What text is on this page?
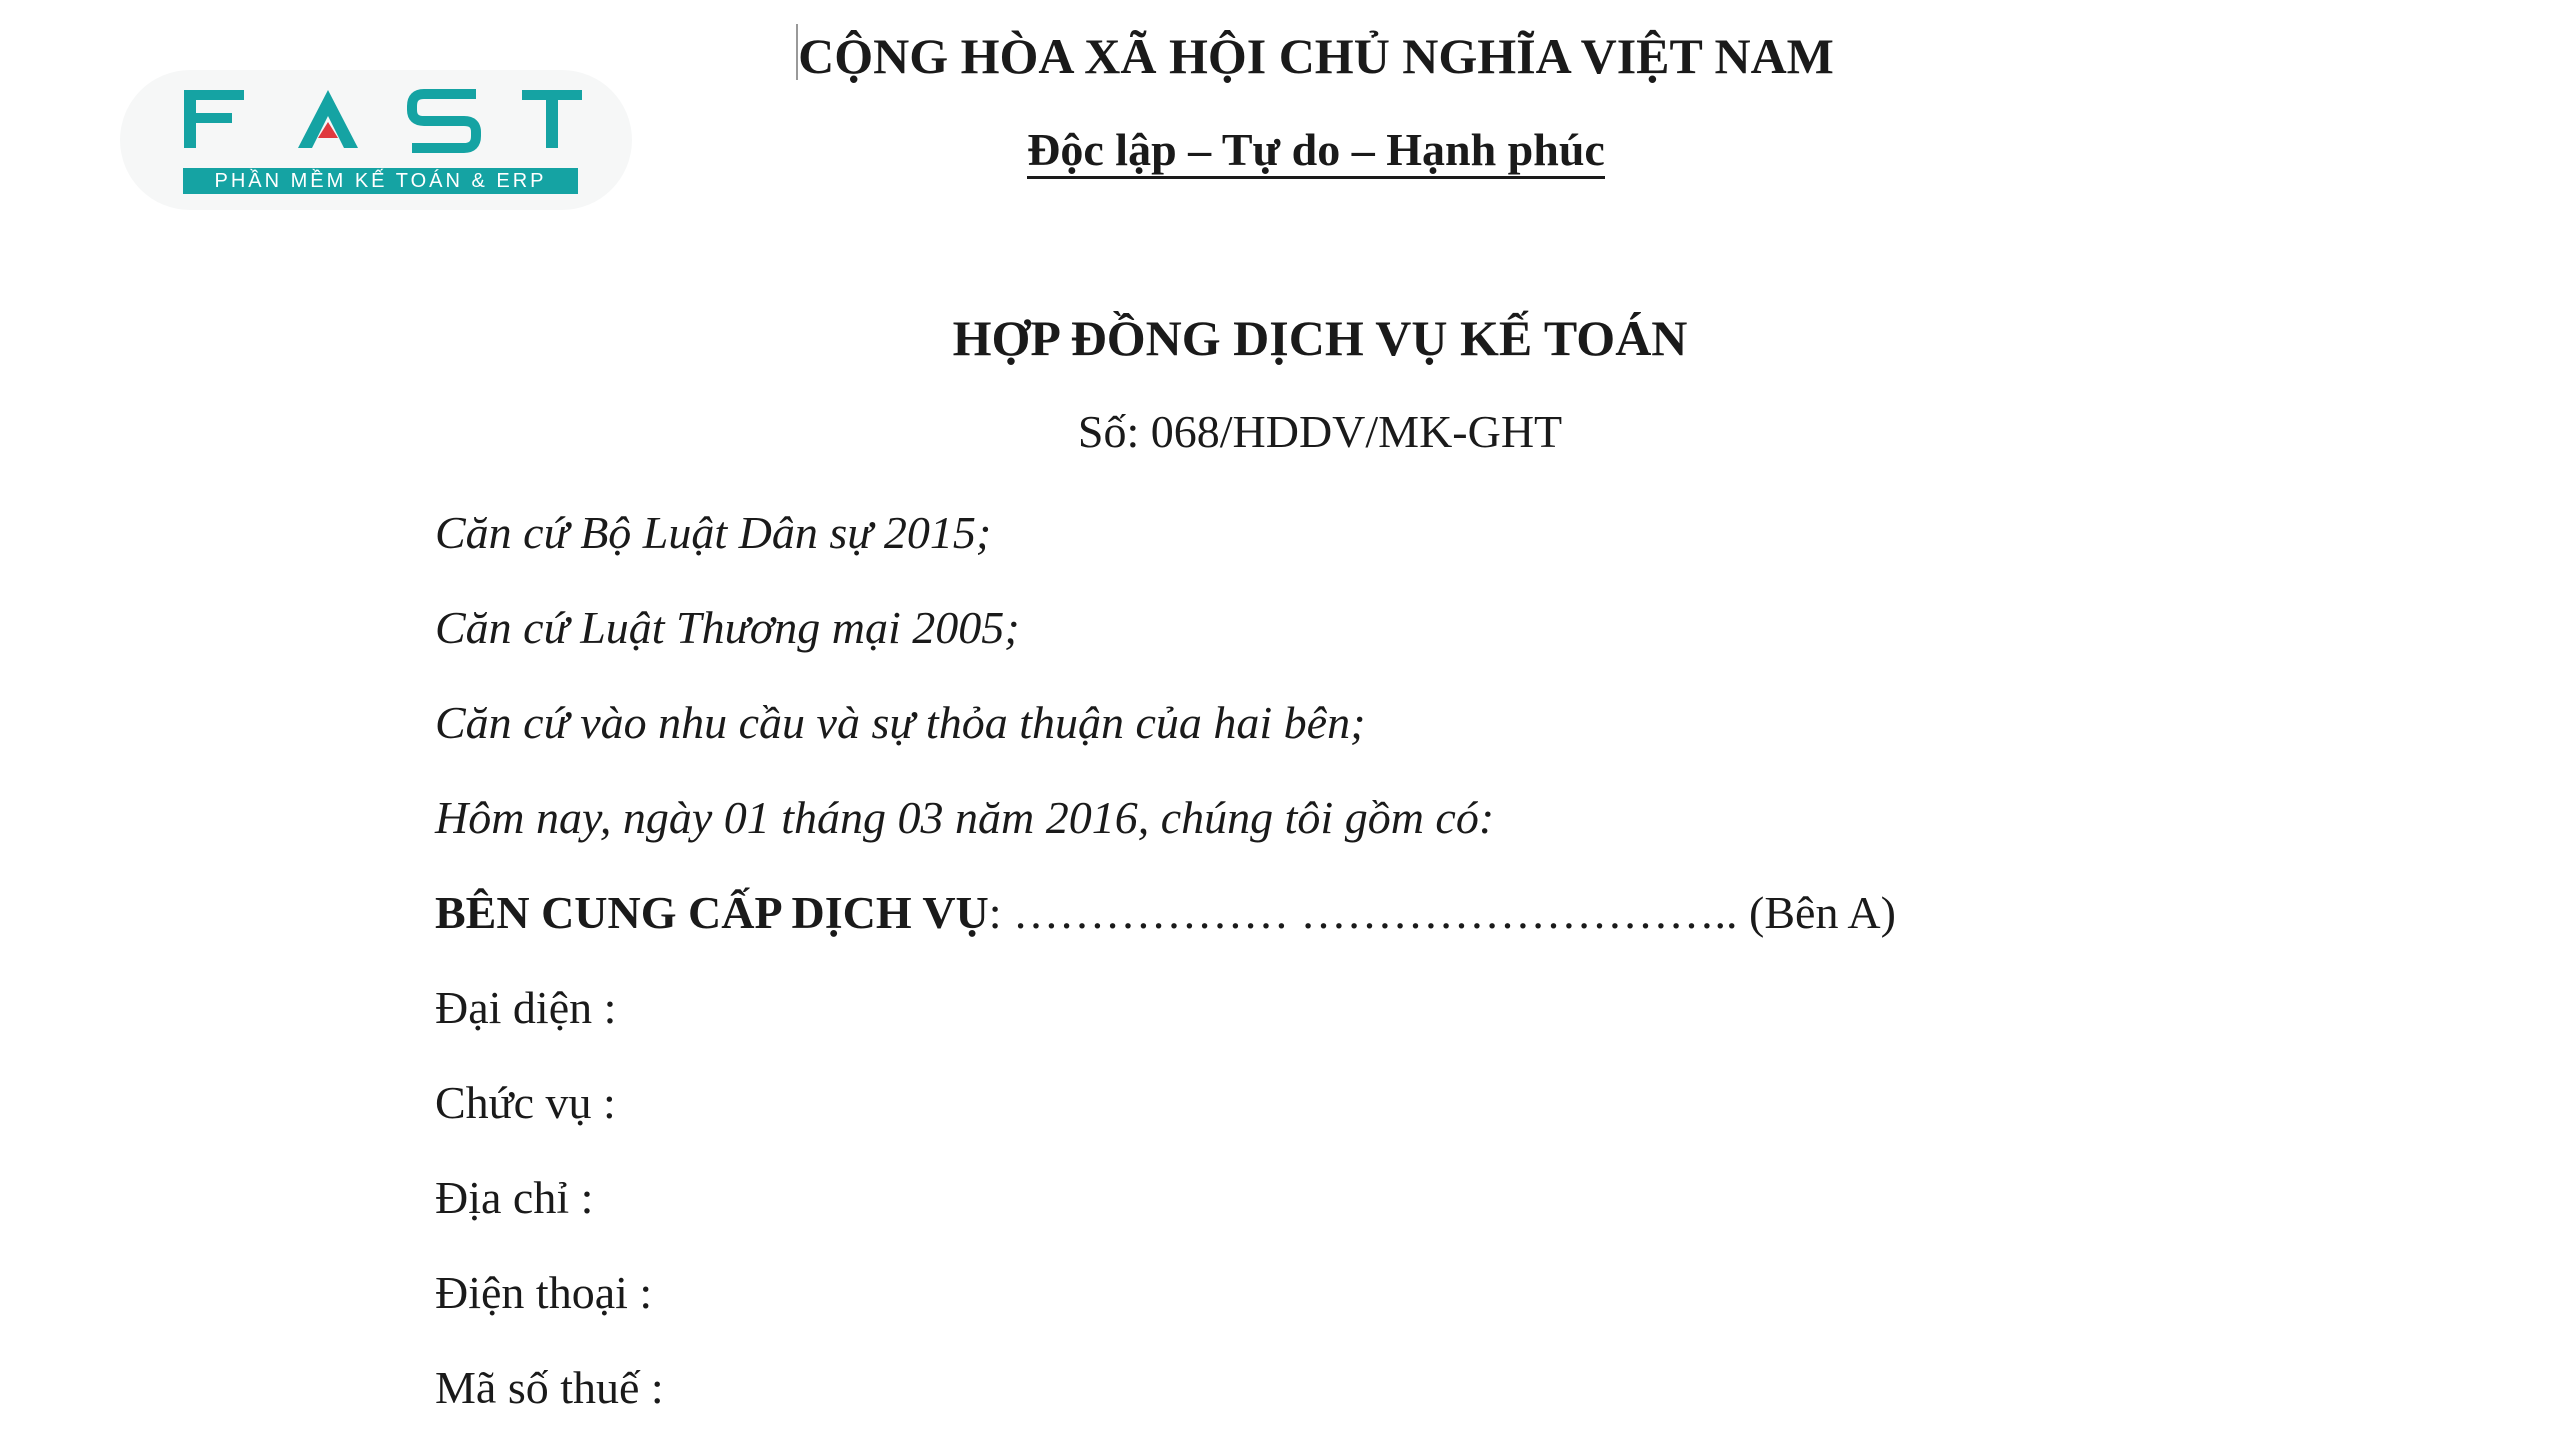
PHẦN MỀM KẾ TOÁN & ERP
CỘNG HÒA XÃ HỘI CHỦ NGHĨA VIỆT NAM
Độc lập – Tự do – Hạnh phúc
HỢP ĐỒNG DỊCH VỤ KẾ TOÁN
Số: 068/HDDV/MK-GHT
Căn cứ Bộ Luật Dân sự 2015;
Căn cứ Luật Thương mại 2005;
Căn cứ vào nhu cầu và sự thỏa thuận của hai bên;
Hôm nay, ngày 01 tháng 03 năm 2016, chúng tôi gồm có:
BÊN CUNG CẤP DỊCH VỤ: ……………… ……………………….. (Bên A)
Đại diện :
Chức vụ :
Địa chỉ :
Điện thoại :
Mã số thuế :
